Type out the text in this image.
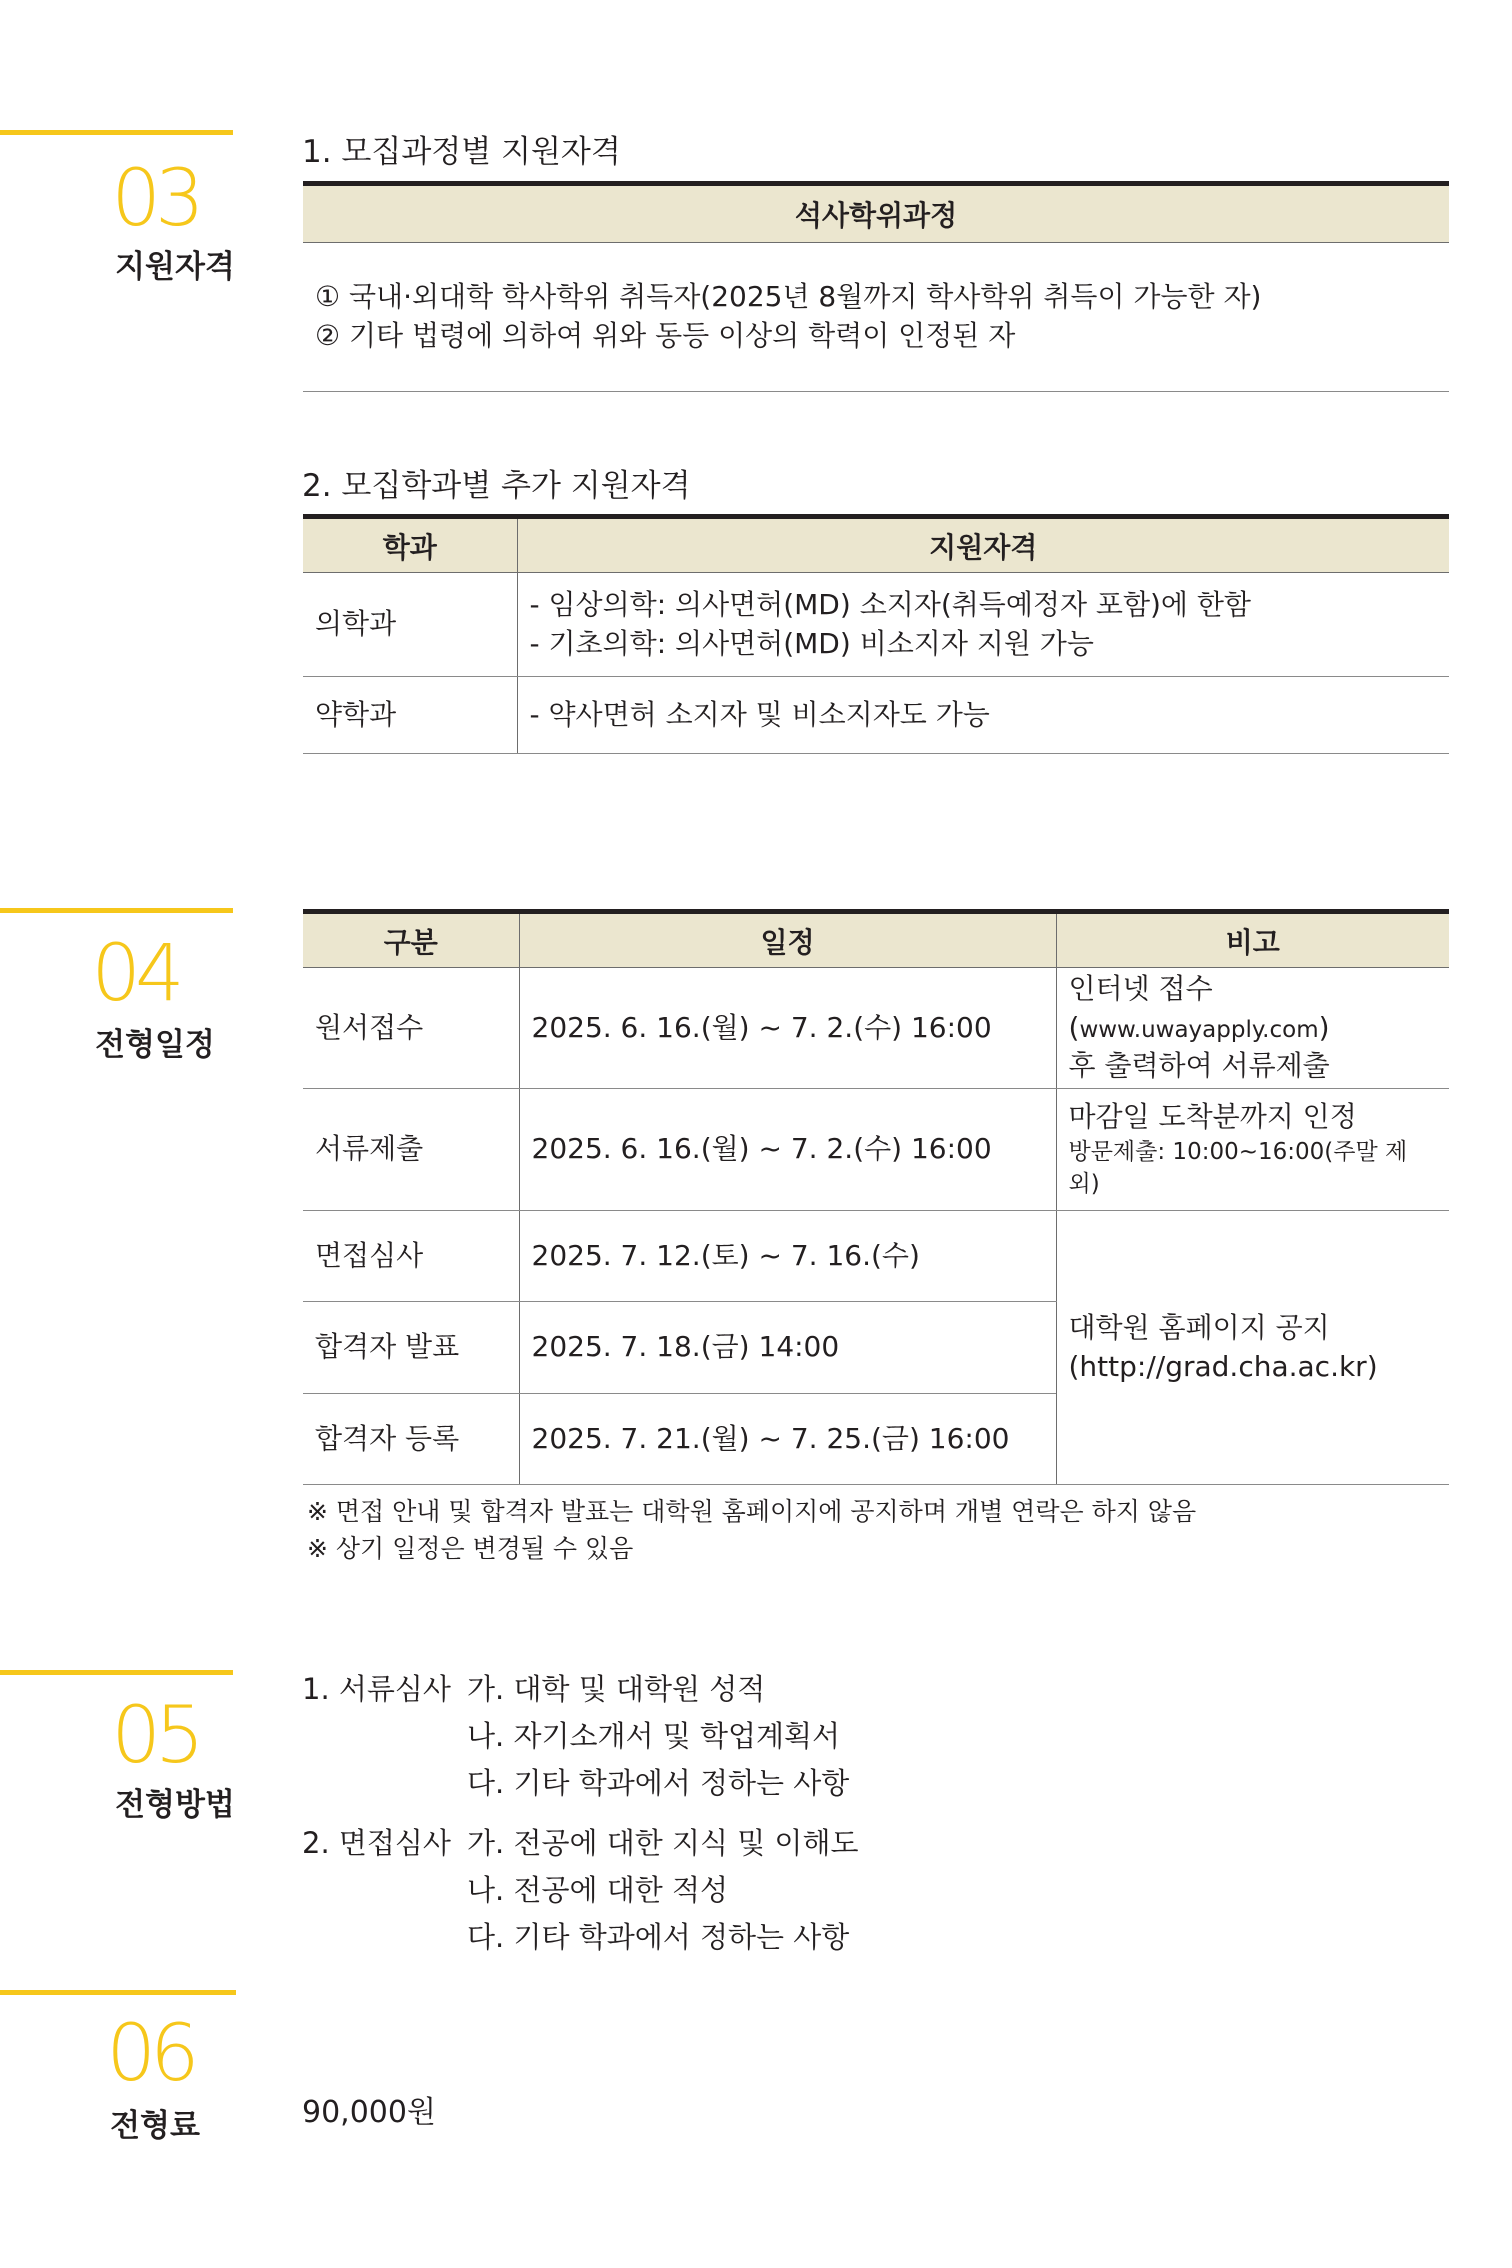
03
지원자격
1. 모집과정별 지원자격
석사학위과정

① 국내·외대학 학사학위 취득자(2025년 8월까지 학사학위 취득이 가능한 자)
② 기타 법령에 의하여 위와 동등 이상의 학력이 인정된 자
2. 모집학과별 추가 지원자격
학과	지원자격
의학과	- 임상의학: 의사면허(MD) 소지자(취득예정자 포함)에 한함
- 기초의학: 의사면허(MD) 비소지자 지원 가능

약학과	- 약사면허 소지자 및 비소지자도 가능
04
전형일정
구분	일정	비고
원서접수	2025. 6. 16.(월) ~ 7. 2.(수) 16:00	인터넷 접수(www.uwayapply.com)
후 출력하여 서류제출

서류제출	2025. 6. 16.(월) ~ 7. 2.(수) 16:00	마감일 도착분까지 인정
방문제출: 10:00~16:00(주말 제외)

면접심사	2025. 7. 12.(토) ~ 7. 16.(수)	대학원 홈페이지 공지
(http://grad.cha.ac.kr)

합격자 발표	2025. 7. 18.(금) 14:00	
합격자 등록	2025. 7. 21.(월) ~ 7. 25.(금) 16:00	
※ 면접 안내 및 합격자 발표는 대학원 홈페이지에 공지하며 개별 연락은 하지 않음
※ 상기 일정은 변경될 수 있음
05
전형방법
1. 서류심사 가. 대학 및 대학원 성적
나. 자기소개서 및 학업계획서
다. 기타 학과에서 정하는 사항
2. 면접심사 가. 전공에 대한 지식 및 이해도
나. 전공에 대한 적성
다. 기타 학과에서 정하는 사항
06
전형료	90,000원
